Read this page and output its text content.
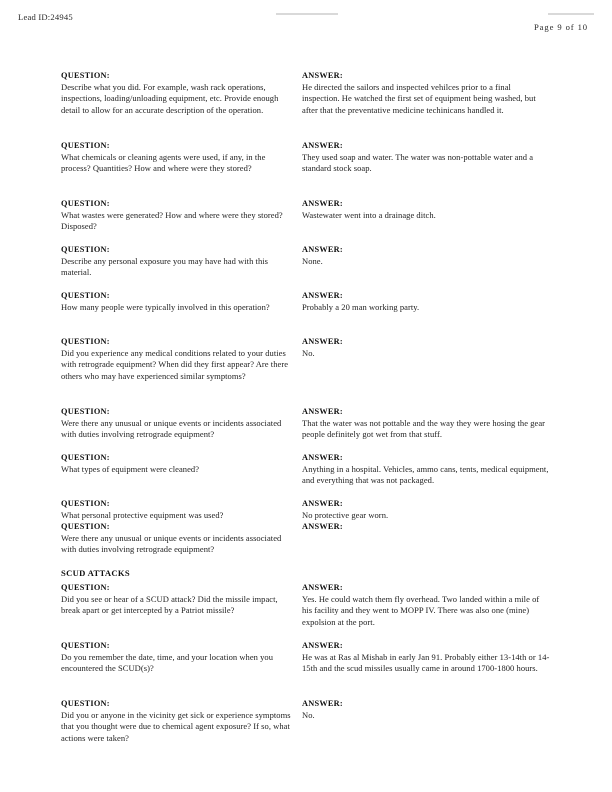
Lead ID:24945
Page 9 of 10
QUESTION:
Describe what you did. For example, wash rack operations, inspections, loading/unloading equipment, etc. Provide enough detail to allow for an accurate description of the operation.
QUESTION:
What chemicals or cleaning agents were used, if any, in the process? Quantities? How and where were they stored?
QUESTION:
What wastes were generated? How and where were they stored? Disposed?
QUESTION:
Describe any personal exposure you may have had with this material.
QUESTION:
How many people were typically involved in this operation?
QUESTION:
Did you experience any medical conditions related to your duties with retrograde equipment? When did they first appear? Are there others who may have experienced similar symptoms?
QUESTION:
Were there any unusual or unique events or incidents associated with duties involving retrograde equipment?
QUESTION:
What types of equipment were cleaned?
QUESTION:
What personal protective equipment was used?
QUESTION:
Were there any unusual or unique events or incidents associated with duties involving retrograde equipment?
SCUD ATTACKS
QUESTION:
Did you see or hear of a SCUD attack? Did the missile impact, break apart or get intercepted by a Patriot missile?
QUESTION:
Do you remember the date, time, and your location when you encountered the SCUD(s)?
QUESTION:
Did you or anyone in the vicinity get sick or experience symptoms that you thought were due to chemical agent exposure? If so, what actions were taken?
ANSWER:
He directed the sailors and inspected vehilces prior to a final inspection. He watched the first set of equipment being washed, but after that the preventative medicine techinicans handled it.
ANSWER:
They used soap and water. The water was non-pottable water and a standard stock soap.
ANSWER:
Wastewater went into a drainage ditch.
ANSWER:
None.
ANSWER:
Probably a 20 man working party.
ANSWER:
No.
ANSWER:
That the water was not pottable and the way they were hosing the gear people definitely got wet from that stuff.
ANSWER:
Anything in a hospital. Vehicles, ammo cans, tents, medical equipment, and everything that was not packaged.
ANSWER:
No protective gear worn.
ANSWER:
ANSWER:
Yes. He could watch them fly overhead. Two landed within a mile of his facility and they went to MOPP IV. There was also one (mine) expolsion at the port.
ANSWER:
He was at Ras al Mishab in early Jan 91. Probably either 13-14th or 14-15th and the scud missiles usually came in around 1700-1800 hours.
ANSWER:
No.
